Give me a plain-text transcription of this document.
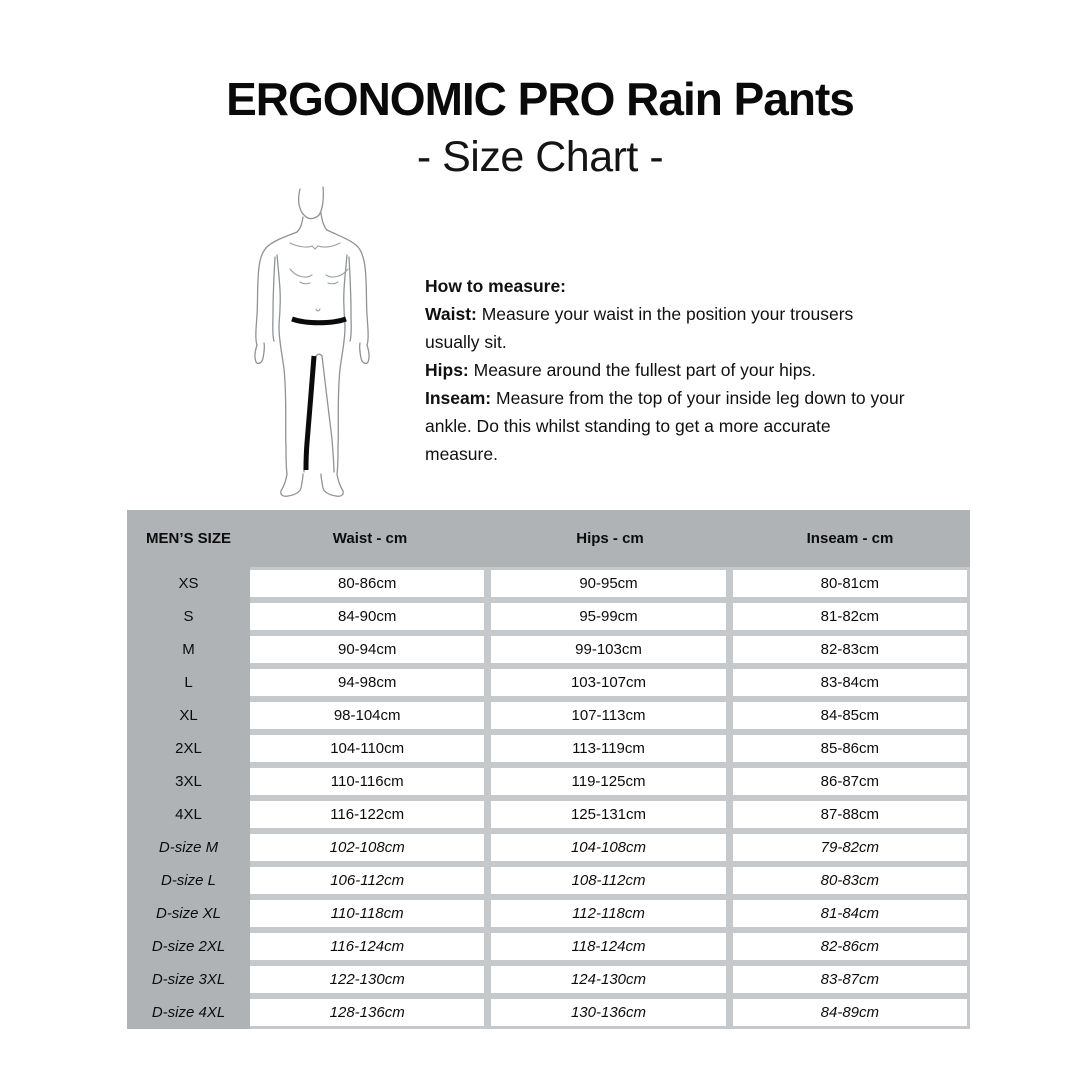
ERGONOMIC PRO Rain Pants
- Size Chart -

How to measure:

Waist: Measure your waist in the position your trousers usually sit.

Hips: Measure around the fullest part of your hips.

Inseam: Measure from the top of your inside leg down to your ankle. Do this whilst standing to get a more accurate measure.

MEN’S SIZE	Waist - cm	Hips - cm	Inseam - cm
XS	80-86cm	90-95cm	80-81cm
S	84-90cm	95-99cm	81-82cm
M	90-94cm	99-103cm	82-83cm
L	94-98cm	103-107cm	83-84cm
XL	98-104cm	107-113cm	84-85cm
2XL	104-110cm	113-119cm	85-86cm
3XL	110-116cm	119-125cm	86-87cm
4XL	116-122cm	125-131cm	87-88cm
D-size M	102-108cm	104-108cm	79-82cm
D-size L	106-112cm	108-112cm	80-83cm
D-size XL	110-118cm	112-118cm	81-84cm
D-size 2XL	116-124cm	118-124cm	82-86cm
D-size 3XL	122-130cm	124-130cm	83-87cm
D-size 4XL	128-136cm	130-136cm	84-89cm
